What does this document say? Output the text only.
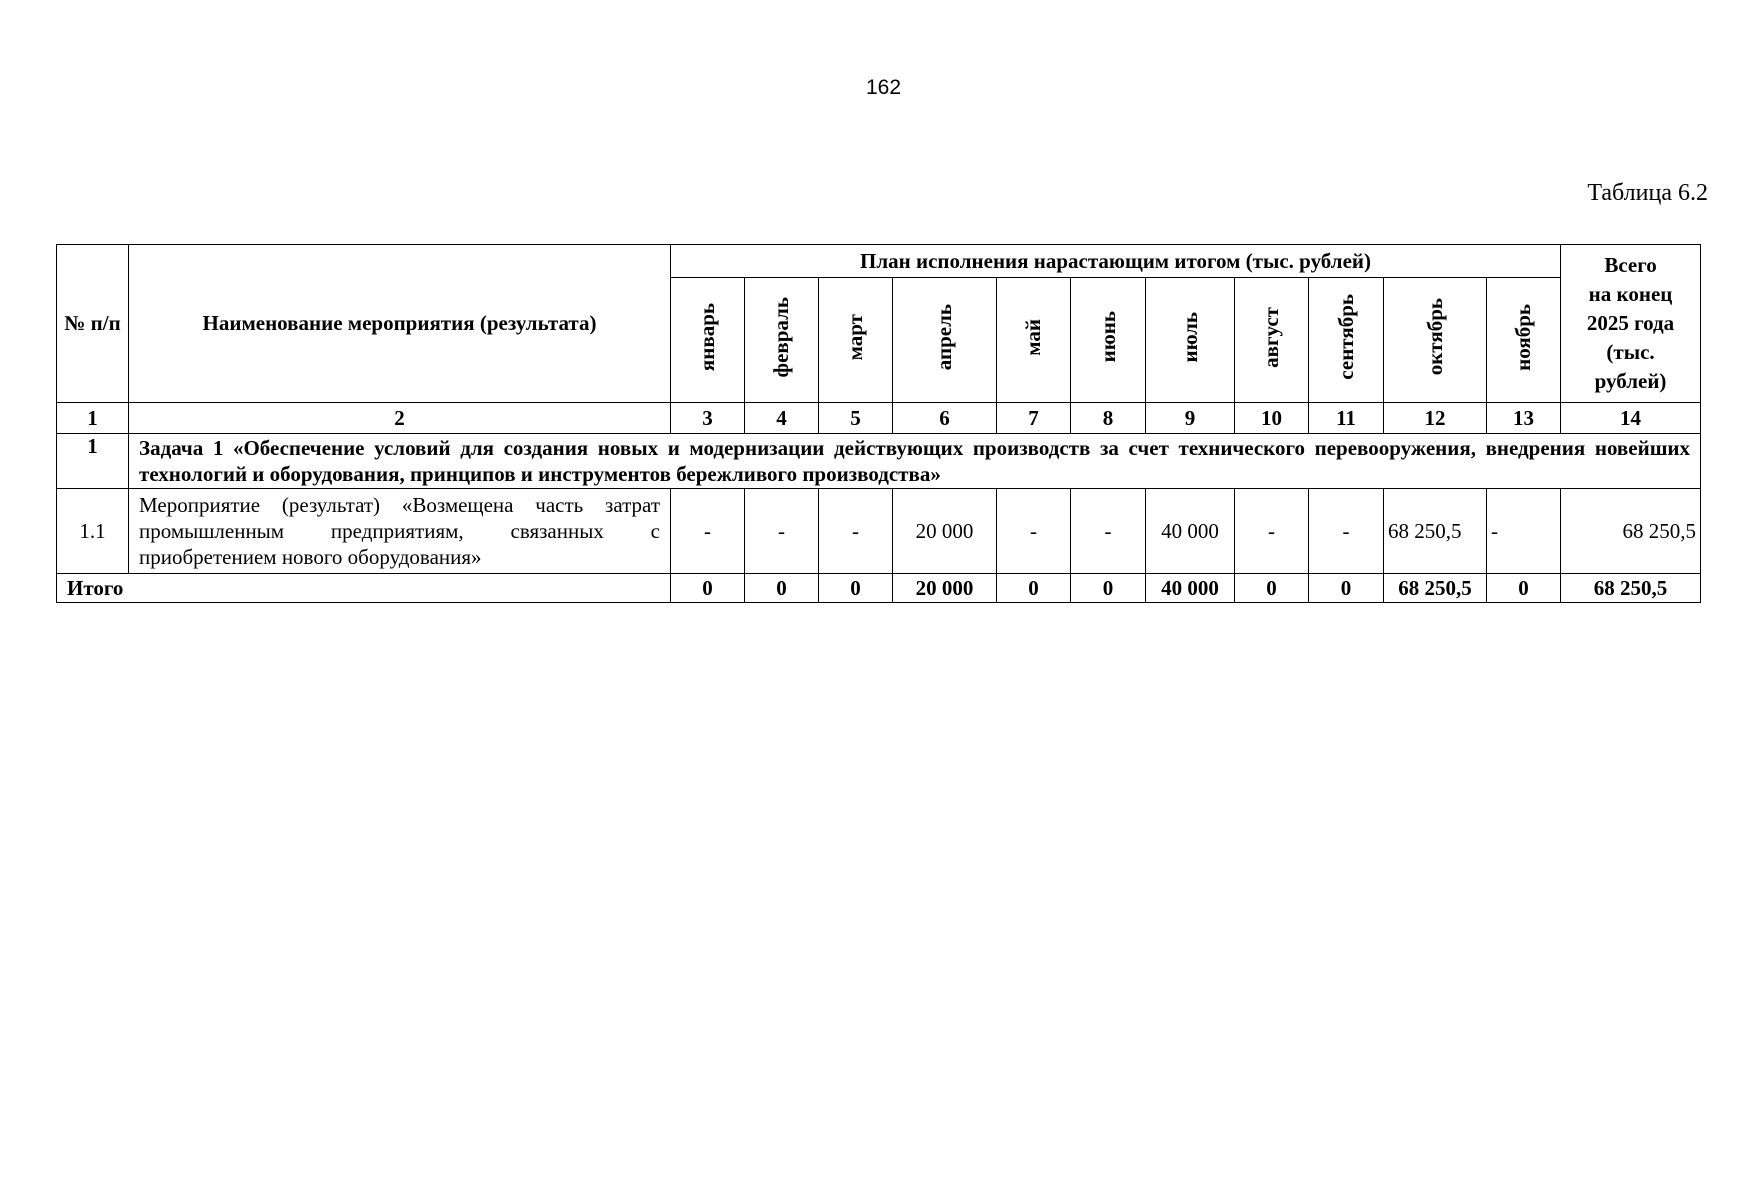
162
Таблица 6.2
№ п/п	Наименование мероприятия (результата)	План исполнения нарастающим итогом (тыс. рублей)											Всего
на конец
2025 года
(тыс.
рублей)
		январь	февраль	март	апрель	май	июнь	июль	август	сентябрь	октябрь	ноябрь	
1	2	3	4	5	6	7	8	9	10	11	12	13	14
1	Задача 1 «Обеспечение условий для создания новых и модернизации действующих производств за счет технического перевооружения, внедрения новейших технологий и оборудования, принципов и инструментов бережливого производства»												
1.1	Мероприятие (результат) «Возмещена часть затрат промышленным предприятиям, связанных с приобретением нового оборудования»	-	-	-	20 000	-	-	40 000	-	-	68 250,5	-	68 250,5
Итого		0	0	0	20 000	0	0	40 000	0	0	68 250,5	0	68 250,5
